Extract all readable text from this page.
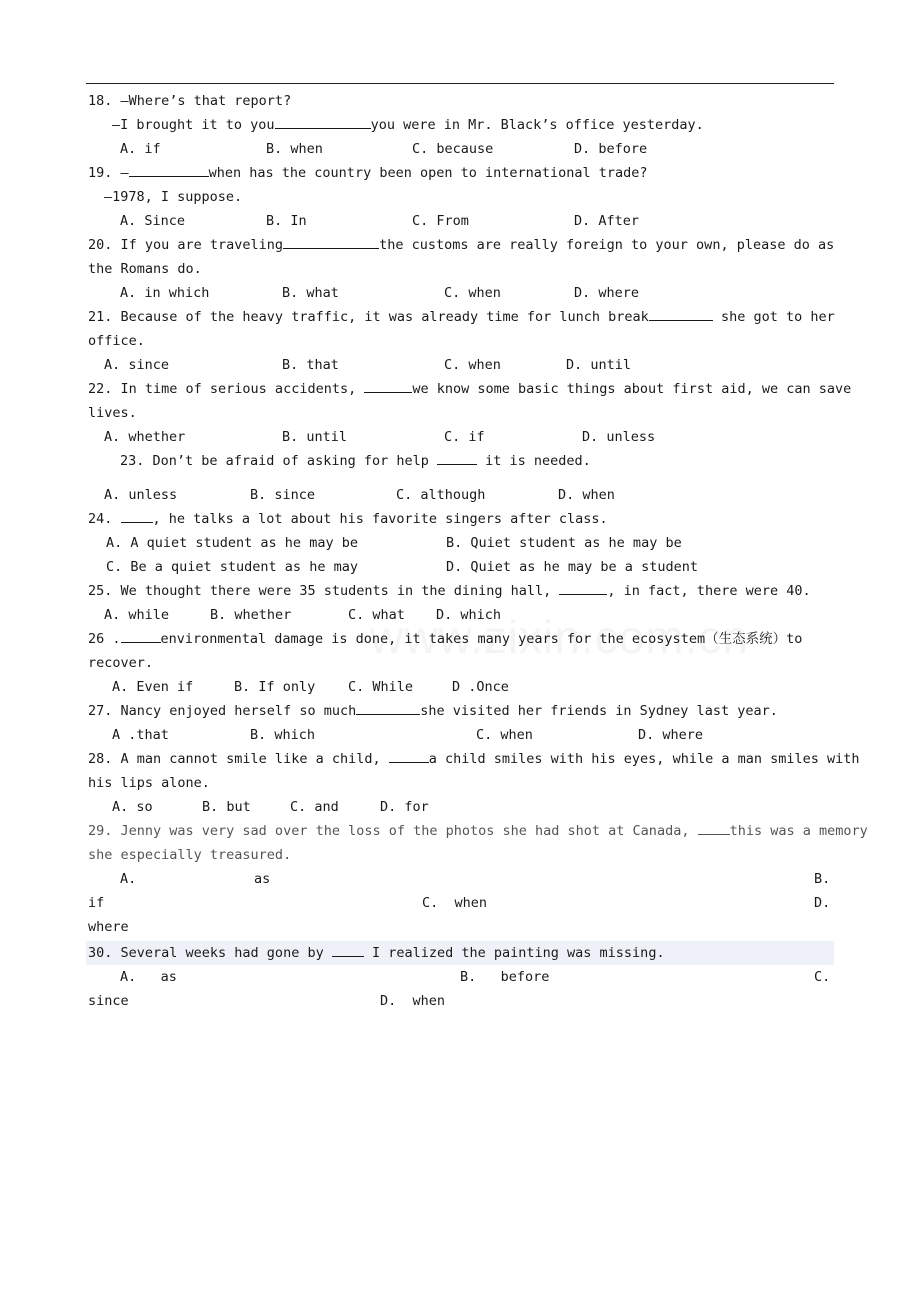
18. —Where’s that report?
—I brought it to you	you were in Mr. Black’s office yesterday.
A. if	B. when	C. because	D. before
19. —	when has the country been open to international trade?
—1978, I suppose.
A. Since	B. In	C. From	D. After
20. If you are traveling	the customs are really foreign to your own, please do as
the Romans do.
A. in which	B. what	C. when	D. where
21. Because of the heavy traffic, it was already time for lunch break	she got to her
office.
A. since	B. that	C. when	D. until
22. In time of serious accidents,	we know some basic things about first aid, we can save
lives.
A. whether	B. until	C. if	D. unless
23. Don’t be afraid of asking for help	it is needed.
A. unless	B. since	C. although	D. when
24. , he talks a lot about his favorite singers after class.
A. A quiet student as he may be	B. Quiet student as he may be
C. Be a quiet student as he may	D. Quiet as he may be a student
25. We thought there were 35 students in the dining hall,	, in fact, there were 40.
A. while	B. whether	C. what D. which
26 .	environmental damage is done, it takes many years for the ecosystem（生态系统）to
recover.
A. Even if	B. If only C. While	D .Once
27. Nancy enjoyed herself so much	she visited her friends in Sydney last year.
A .that	B. which	C. when	D. where
28. A man cannot smile like a child,	a child smiles with his eyes, while a man smiles with
his lips alone.
A. so	B. but	C. and	D. for
29. Jenny was very sad over the loss of the photos she had shot at Canada, this was a memory
she especially treasured.
A.	as	B.
if	C.  when	D.
where
30. Several weeks had gone by  I realized the painting was missing.
A.   as	B.   before	C.
since	D.  when
